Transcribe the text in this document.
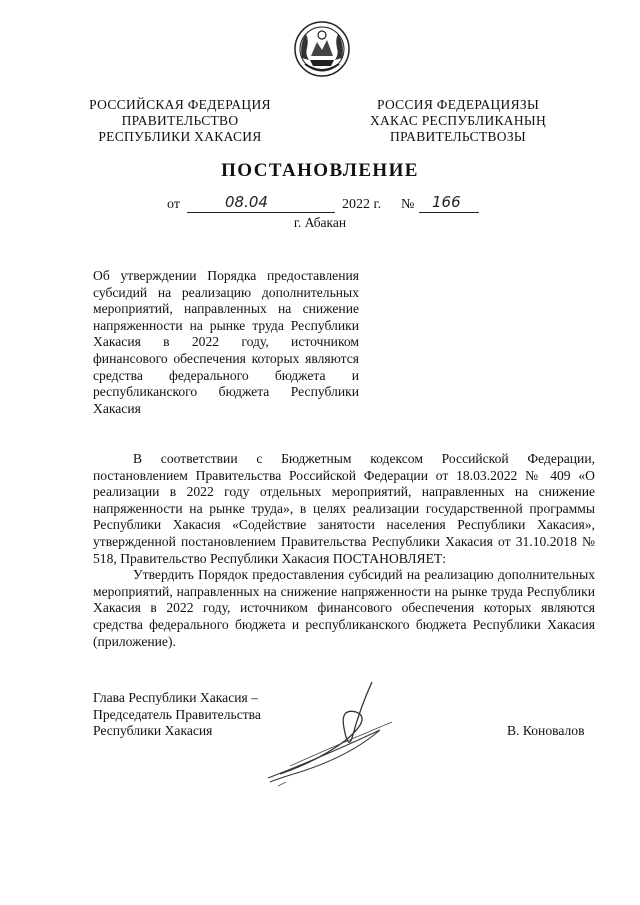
РОССИЙСКАЯ ФЕДЕРАЦИЯ
ПРАВИТЕЛЬСТВО
РЕСПУБЛИКИ ХАКАСИЯ
РОССИЯ ФЕДЕРАЦИЯЗЫ
ХАКАС РЕСПУБЛИКАНЫҢ
ПРАВИТЕЛЬСТВОЗЫ
ПОСТАНОВЛЕНИЕ
от	08.04	2022 г. № 166
г. Абакан
Об утверждении Порядка предоставления субсидий на реализацию дополнительных мероприятий, направленных на снижение напряженности на рынке труда Республики Хакасия в 2022 году, источником финансового обеспечения которых являются средства федерального бюджета и республиканского бюджета Республики Хакасия

В соответствии с Бюджетным кодексом Российской Федерации, постановлением Правительства Российской Федерации от 18.03.2022 № 409 «О реализации в 2022 году отдельных мероприятий, направленных на снижение напряженности на рынке труда», в целях реализации государственной программы Республики Хакасия «Содействие занятости населения Республики Хакасия», утвержденной постановлением Правительства Республики Хакасия от 31.10.2018 № 518, Правительство Республики Хакасия ПОСТАНОВЛЯЕТ:

Утвердить Порядок предоставления субсидий на реализацию дополнительных мероприятий, направленных на снижение напряженности на рынке труда Республики Хакасия в 2022 году, источником финансового обеспечения которых являются средства федерального бюджета и республиканского бюджета Республики Хакасия (приложение).

Глава Республики Хакасия –
Председатель Правительства
Республики Хакасия	В. Коновалов
